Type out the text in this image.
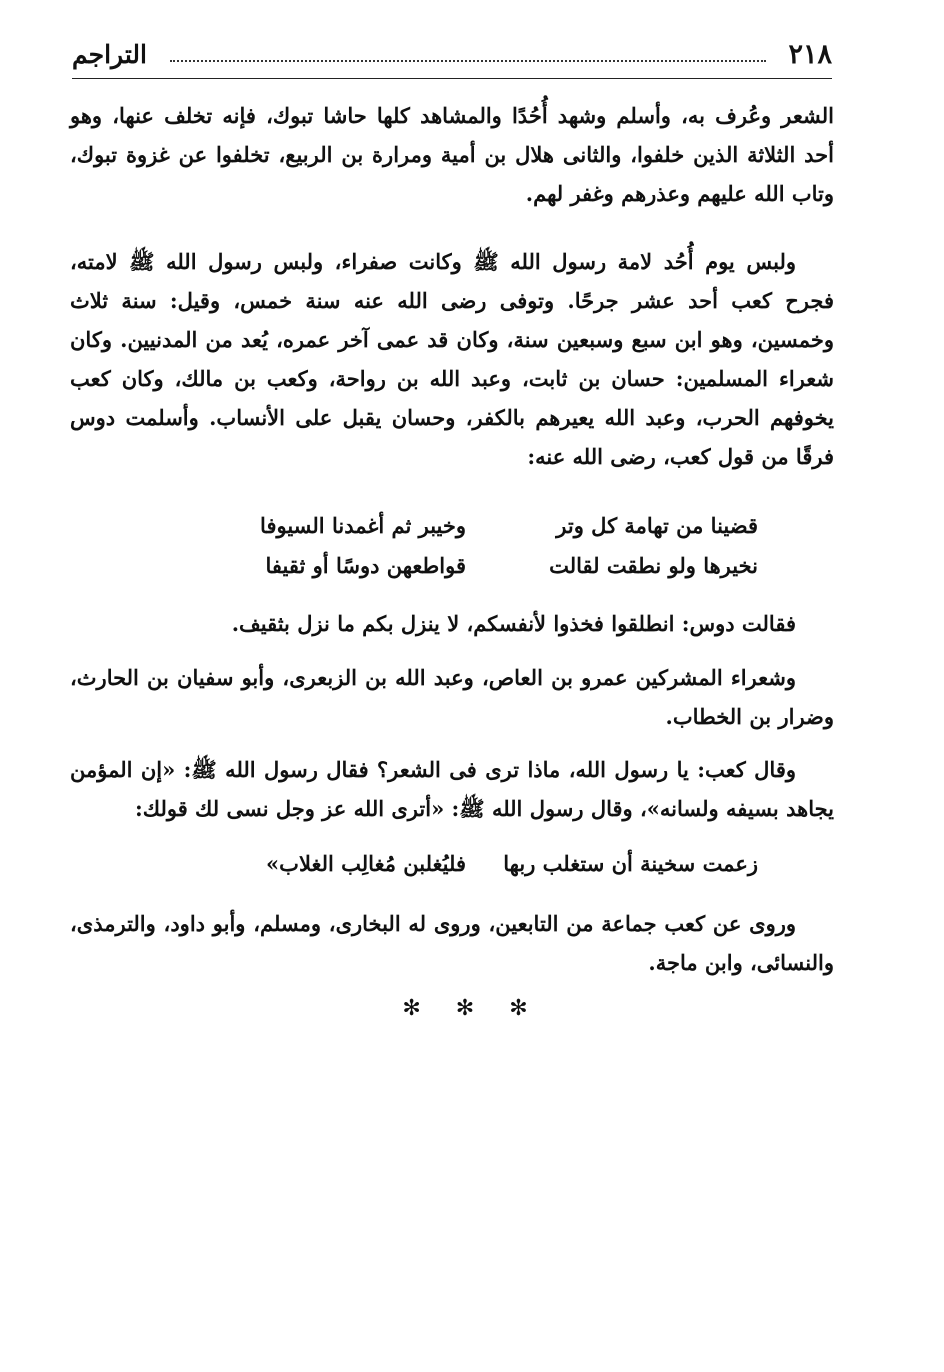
٢١٨
التراجم
الشعر وعُرف به، وأسلم وشهد أُحُدًا والمشاهد كلها حاشا تبوك، فإنه تخلف عنها، وهو أحد الثلاثة الذين خلفوا، والثانى هلال بن أمية ومرارة بن الربيع، تخلفوا عن غزوة تبوك، وتاب الله عليهم وعذرهم وغفر لهم.
ولبس يوم أُحُد لامة رسول الله ﷺ وكانت صفراء، ولبس رسول الله ﷺ لامته، فجرح كعب أحد عشر جرحًا. وتوفى رضى الله عنه سنة خمس، وقيل: سنة ثلاث وخمسين، وهو ابن سبع وسبعين سنة، وكان قد عمى آخر عمره، يُعد من المدنيين. وكان شعراء المسلمين: حسان بن ثابت، وعبد الله بن رواحة، وكعب بن مالك، وكان كعب يخوفهم الحرب، وعبد الله يعيرهم بالكفر، وحسان يقبل على الأنساب. وأسلمت دوس فرقًا من قول كعب، رضى الله عنه:
قضينا من تهامة كل وتر
وخيبر ثم أغمدنا السيوفا
نخيرها ولو نطقت لقالت
قواطعهن دوسًا أو ثقيفا
فقالت دوس: انطلقوا فخذوا لأنفسكم، لا ينزل بكم ما نزل بثقيف.
وشعراء المشركين عمرو بن العاص، وعبد الله بن الزبعرى، وأبو سفيان بن الحارث، وضرار بن الخطاب.
وقال كعب: يا رسول الله، ماذا ترى فى الشعر؟ فقال رسول الله ﷺ: «إن المؤمن يجاهد بسيفه ولسانه»، وقال رسول الله ﷺ: «أترى الله عز وجل نسى لك قولك:
زعمت سخينة أن ستغلب ربها
فليُغلبن مُغالِب الغلاب»
وروى عن كعب جماعة من التابعين، وروى له البخارى، ومسلم، وأبو داود، والترمذى، والنسائى، وابن ماجة.
✻ ✻ ✻
